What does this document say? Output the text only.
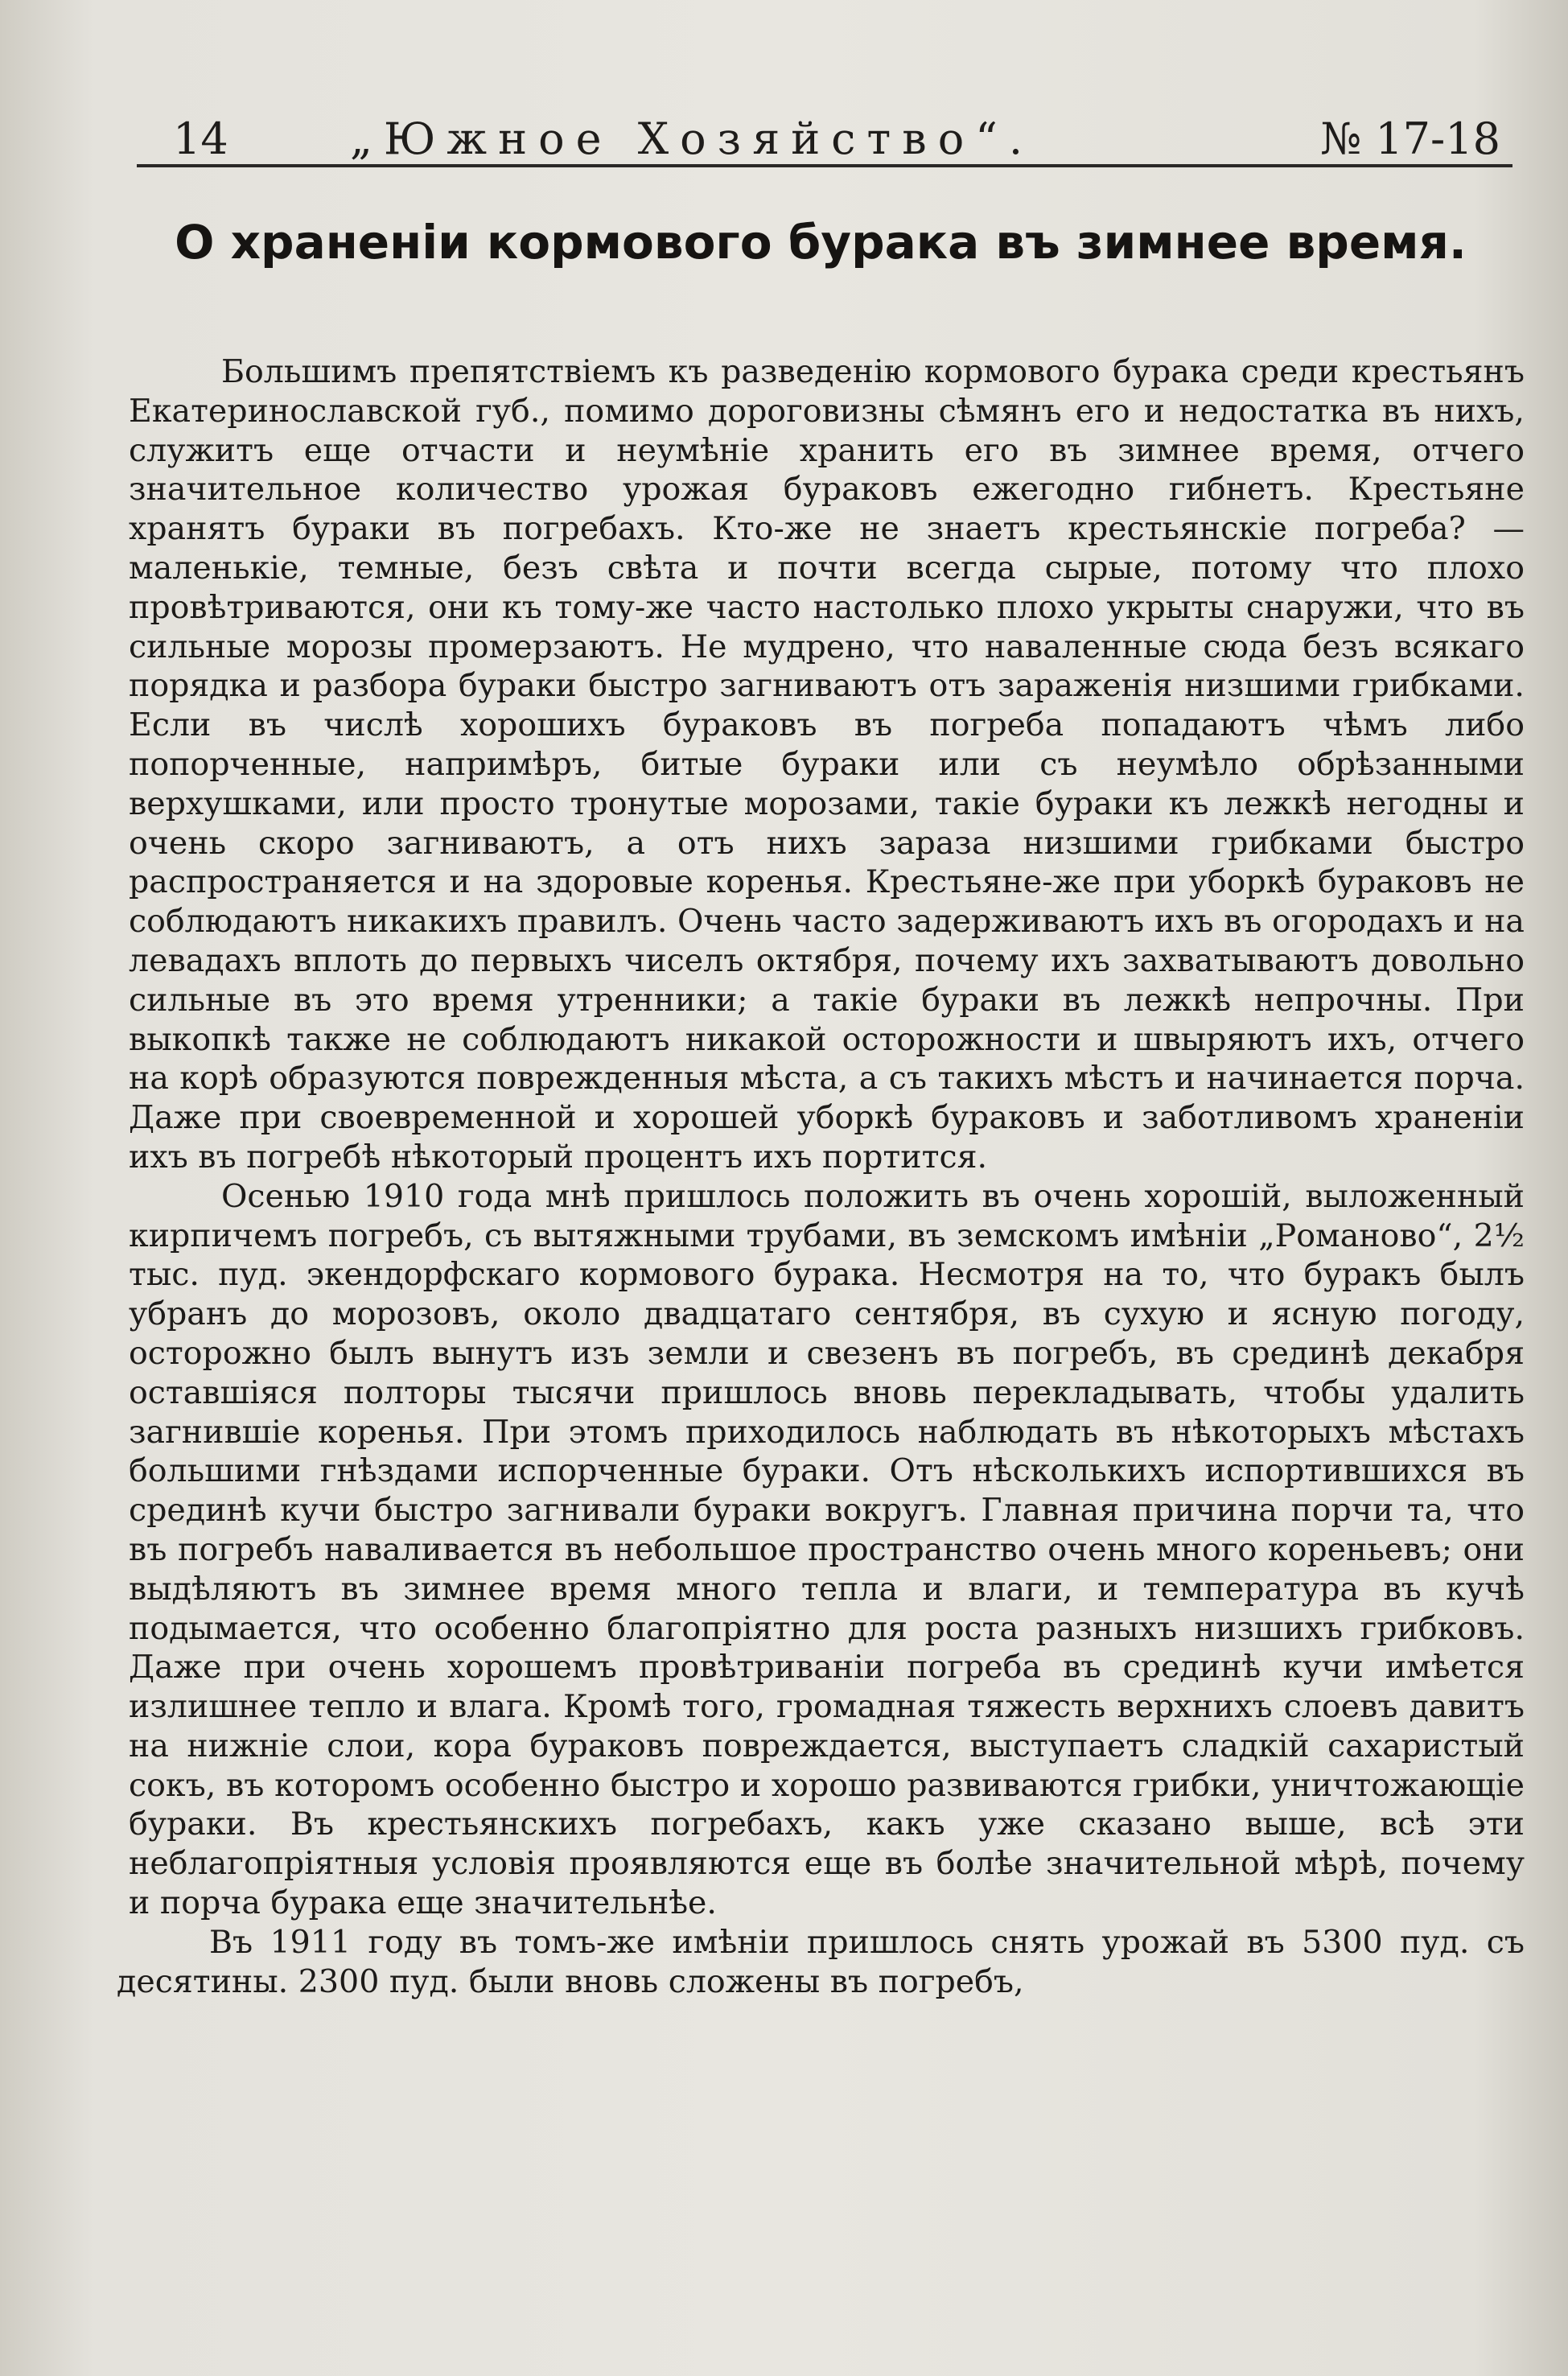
14	„Южное Хозяйство“.	№ 17-18
О храненіи кормового бурака въ зимнее время.

Большимъ препятствіемъ къ разведенію кормового бурака среди крестьянъ Екатеринославской губ., помимо дороговизны сѣмянъ его и недостатка въ нихъ, служитъ еще отчасти и неумѣніе хранить его въ зимнее время, отчего значительное количество урожая бураковъ ежегодно гибнетъ. Крестьяне хранятъ бураки въ погребахъ. Кто-же не знаетъ крестьянскіе погреба? — маленькіе, темные, безъ свѣта и почти всегда сырые, потому что плохо провѣтриваются, они къ тому-же часто настолько плохо укрыты снаружи, что въ сильные морозы промерзаютъ. Не мудрено, что наваленные сюда безъ всякаго порядка и разбора бураки быстро загниваютъ отъ зараженія низшими грибками. Если въ числѣ хорошихъ бураковъ въ погреба попадаютъ чѣмъ либо попорченные, напримѣръ, битые бураки или съ неумѣло обрѣзанными верхушками, или просто тронутые морозами, такіе бураки къ лежкѣ негодны и очень скоро загниваютъ, а отъ нихъ зараза низшими грибками быстро распространяется и на здоровые коренья. Крестьяне-же при уборкѣ бураковъ не соблюдаютъ никакихъ правилъ. Очень часто задерживаютъ ихъ въ огородахъ и на левадахъ вплоть до первыхъ чиселъ октября, почему ихъ захватываютъ довольно сильные въ это время утренники; а такіе бураки въ лежкѣ непрочны. При выкопкѣ также не соблюдаютъ никакой осторожности и швыряютъ ихъ, отчего на корѣ образуются поврежденныя мѣста, а съ такихъ мѣстъ и начинается порча. Даже при своевременной и хорошей уборкѣ бураковъ и заботливомъ храненіи ихъ въ погребѣ нѣкоторый процентъ ихъ портится.

Осенью 1910 года мнѣ пришлось положить въ очень хорошій, выложенный кирпичемъ погребъ, съ вытяжными трубами, въ земскомъ имѣніи „Романово“, 2½ тыс. пуд. экендорфскаго кормового бурака. Несмотря на то, что буракъ былъ убранъ до морозовъ, около двадцатаго сентября, въ сухую и ясную погоду, осторожно былъ вынутъ изъ земли и свезенъ въ погребъ, въ срединѣ декабря оставшіяся полторы тысячи пришлось вновь перекладывать, чтобы удалить загнившіе коренья. При этомъ приходилось наблюдать въ нѣкоторыхъ мѣстахъ большими гнѣздами испорченные бураки. Отъ нѣсколькихъ испортившихся въ срединѣ кучи быстро загнивали бураки вокругъ. Главная причина порчи та, что въ погребъ наваливается въ небольшое пространство очень много кореньевъ; они выдѣляютъ въ зимнее время много тепла и влаги, и температура въ кучѣ подымается, что особенно благопріятно для роста разныхъ низшихъ грибковъ. Даже при очень хорошемъ провѣтриваніи погреба въ срединѣ кучи имѣется излишнее тепло и влага. Кромѣ того, громадная тяжесть верхнихъ слоевъ давитъ на нижніе слои, кора бураковъ повреждается, выступаетъ сладкій сахаристый сокъ, въ которомъ особенно быстро и хорошо развиваются грибки, уничтожающіе бураки. Въ крестьянскихъ погребахъ, какъ уже сказано выше, всѣ эти неблагопріятныя условія проявляются еще въ болѣе значительной мѣрѣ, почему и порча бурака еще значительнѣе.

Въ 1911 году въ томъ-же имѣніи пришлось снять урожай въ 5300 пуд. съ десятины. 2300 пуд. были вновь сложены въ погребъ,
